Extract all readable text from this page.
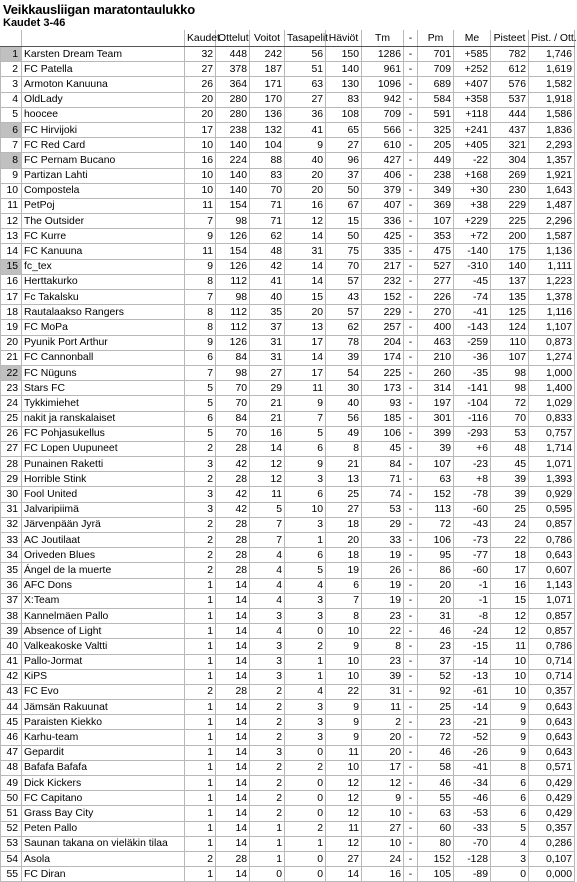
Veikkausliigan maratontaulukko
Kaudet 3-46
		Kaudet	Ottelut	Voitot	Tasapelit	Häviöt	Tm	-	Pm	Me	Pisteet	Pist. / Ott.
1	Karsten Dream Team	32	448	242	56	150	1286	-	701	+585	782	1,746
2	FC Patella	27	378	187	51	140	961	-	709	+252	612	1,619
3	Armoton Kanuuna	26	364	171	63	130	1096	-	689	+407	576	1,582
4	OldLady	20	280	170	27	83	942	-	584	+358	537	1,918
5	hoocee	20	280	136	36	108	709	-	591	+118	444	1,586
6	FC Hirvijoki	17	238	132	41	65	566	-	325	+241	437	1,836
7	FC Red Card	10	140	104	9	27	610	-	205	+405	321	2,293
8	FC Pernam Bucano	16	224	88	40	96	427	-	449	-22	304	1,357
9	Partizan Lahti	10	140	83	20	37	406	-	238	+168	269	1,921
10	Compostela	10	140	70	20	50	379	-	349	+30	230	1,643
11	PetPoj	11	154	71	16	67	407	-	369	+38	229	1,487
12	The Outsider	7	98	71	12	15	336	-	107	+229	225	2,296
13	FC Kurre	9	126	62	14	50	425	-	353	+72	200	1,587
14	FC Kanuuna	11	154	48	31	75	335	-	475	-140	175	1,136
15	fc_tex	9	126	42	14	70	217	-	527	-310	140	1,111
16	Herttakurko	8	112	41	14	57	232	-	277	-45	137	1,223
17	Fc Takalsku	7	98	40	15	43	152	-	226	-74	135	1,378
18	Rautalaakso Rangers	8	112	35	20	57	229	-	270	-41	125	1,116
19	FC MoPa	8	112	37	13	62	257	-	400	-143	124	1,107
20	Pyunik Port Arthur	9	126	31	17	78	204	-	463	-259	110	0,873
21	FC Cannonball	6	84	31	14	39	174	-	210	-36	107	1,274
22	FC Nüguns	7	98	27	17	54	225	-	260	-35	98	1,000
23	Stars FC	5	70	29	11	30	173	-	314	-141	98	1,400
24	Tykkimiehet	5	70	21	9	40	93	-	197	-104	72	1,029
25	nakit ja ranskalaiset	6	84	21	7	56	185	-	301	-116	70	0,833
26	FC Pohjasukellus	5	70	16	5	49	106	-	399	-293	53	0,757
27	FC Lopen Uupuneet	2	28	14	6	8	45	-	39	+6	48	1,714
28	Punainen Raketti	3	42	12	9	21	84	-	107	-23	45	1,071
29	Horrible Stink	2	28	12	3	13	71	-	63	+8	39	1,393
30	Fool United	3	42	11	6	25	74	-	152	-78	39	0,929
31	Jalvaripiimä	3	42	5	10	27	53	-	113	-60	25	0,595
32	Järvenpään Jyrä	2	28	7	3	18	29	-	72	-43	24	0,857
33	AC Joutilaat	2	28	7	1	20	33	-	106	-73	22	0,786
34	Oriveden Blues	2	28	4	6	18	19	-	95	-77	18	0,643
35	Ángel de la muerte	2	28	4	5	19	26	-	86	-60	17	0,607
36	AFC Dons	1	14	4	4	6	19	-	20	-1	16	1,143
37	X:Team	1	14	4	3	7	19	-	20	-1	15	1,071
38	Kannelmäen Pallo	1	14	3	3	8	23	-	31	-8	12	0,857
39	Absence of Light	1	14	4	0	10	22	-	46	-24	12	0,857
40	Valkeakoske Valtti	1	14	3	2	9	8	-	23	-15	11	0,786
41	Pallo-Jormat	1	14	3	1	10	23	-	37	-14	10	0,714
42	KiPS	1	14	3	1	10	39	-	52	-13	10	0,714
43	FC Evo	2	28	2	4	22	31	-	92	-61	10	0,357
44	Jämsän Rakuunat	1	14	2	3	9	11	-	25	-14	9	0,643
45	Paraisten Kiekko	1	14	2	3	9	2	-	23	-21	9	0,643
46	Karhu-team	1	14	2	3	9	20	-	72	-52	9	0,643
47	Gepardit	1	14	3	0	11	20	-	46	-26	9	0,643
48	Bafafa Bafafa	1	14	2	2	10	17	-	58	-41	8	0,571
49	Dick Kickers	1	14	2	0	12	12	-	46	-34	6	0,429
50	FC Capitano	1	14	2	0	12	9	-	55	-46	6	0,429
51	Grass Bay City	1	14	2	0	12	10	-	63	-53	6	0,429
52	Peten Pallo	1	14	1	2	11	27	-	60	-33	5	0,357
53	Saunan takana on vieläkin tilaa	1	14	1	1	12	10	-	80	-70	4	0,286
54	Asola	2	28	1	0	27	24	-	152	-128	3	0,107
55	FC Diran	1	14	0	0	14	16	-	105	-89	0	0,000
